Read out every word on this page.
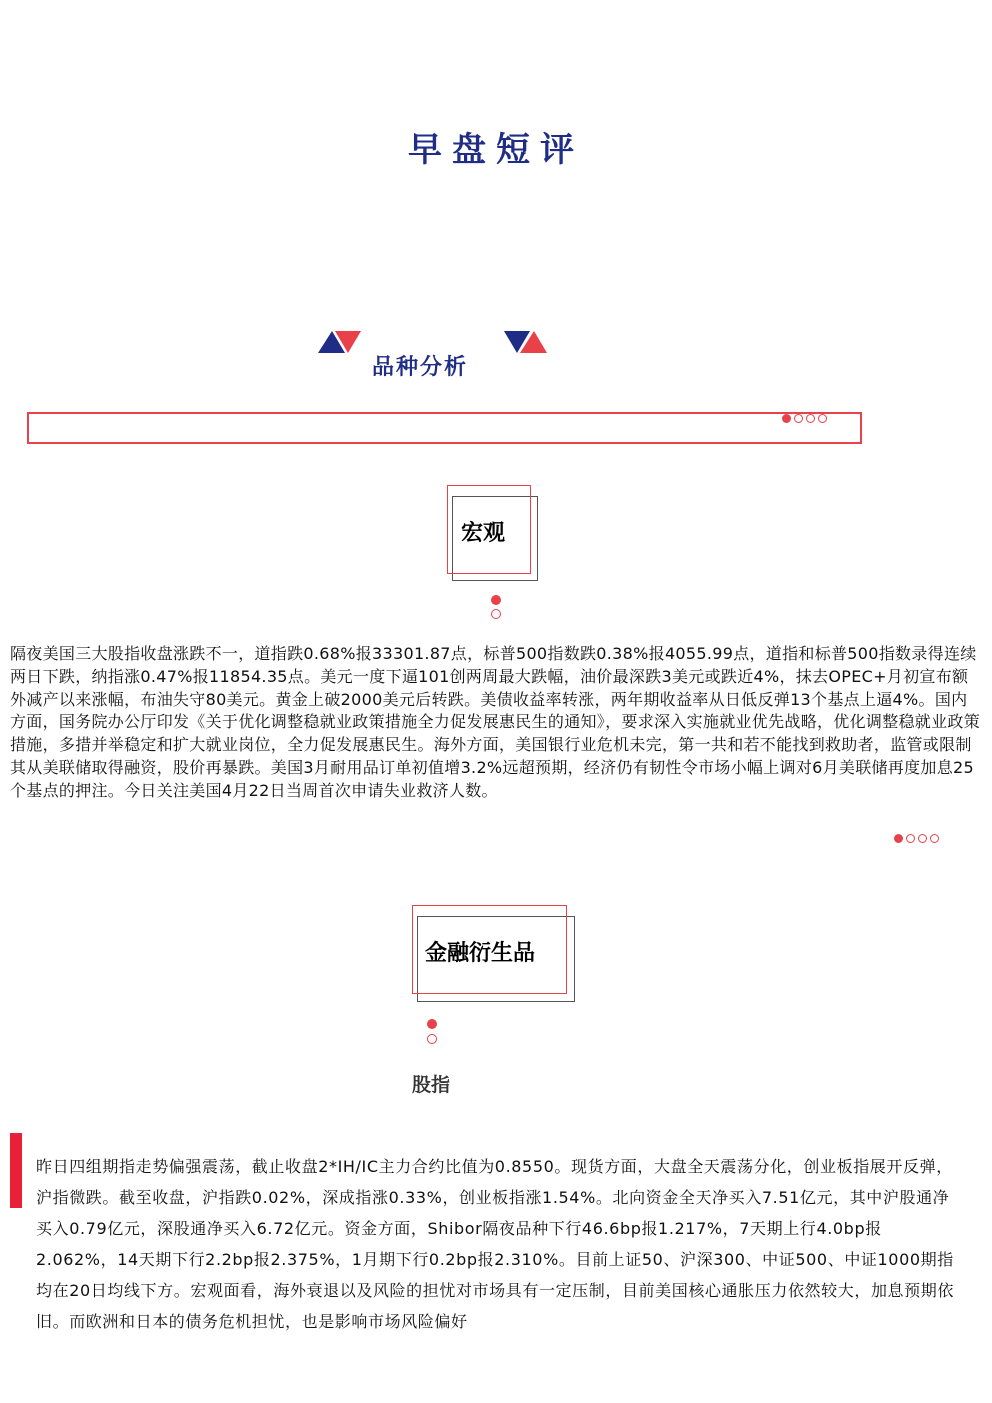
早盘短评
品种分析
宏观
隔夜美国三大股指收盘涨跌不一，道指跌0.68%报33301.87点，标普500指数跌0.38%报4055.99点，道指和标普500指数录得连续两日下跌，纳指涨0.47%报11854.35点。美元一度下逼101创两周最大跌幅，油价最深跌3美元或跌近4%，抹去OPEC+月初宣布额外减产以来涨幅，布油失守80美元。黄金上破2000美元后转跌。美债收益率转涨，两年期收益率从日低反弹13个基点上逼4%。国内方面，国务院办公厅印发《关于优化调整稳就业政策措施全力促发展惠民生的通知》，要求深入实施就业优先战略，优化调整稳就业政策措施，多措并举稳定和扩大就业岗位，全力促发展惠民生。海外方面，美国银行业危机未完，第一共和若不能找到救助者，监管或限制其从美联储取得融资，股价再暴跌。美国3月耐用品订单初值增3.2%远超预期，经济仍有韧性令市场小幅上调对6月美联储再度加息25个基点的押注。今日关注美国4月22日当周首次申请失业救济人数。
金融衍生品
股指
昨日四组期指走势偏强震荡，截止收盘2*IH/IC主力合约比值为0.8550。现货方面，大盘全天震荡分化，创业板指展开反弹，沪指微跌。截至收盘，沪指跌0.02%，深成指涨0.33%，创业板指涨1.54%。北向资金全天净买入7.51亿元，其中沪股通净买入0.79亿元，深股通净买入6.72亿元。资金方面，Shibor隔夜品种下行46.6bp报1.217%，7天期上行4.0bp报2.062%，14天期下行2.2bp报2.375%，1月期下行0.2bp报2.310%。目前上证50、沪深300、中证500、中证1000期指均在20日均线下方。宏观面看，海外衰退以及风险的担忧对市场具有一定压制，目前美国核心通胀压力依然较大，加息预期依旧。而欧洲和日本的债务危机担忧，也是影响市场风险偏好
